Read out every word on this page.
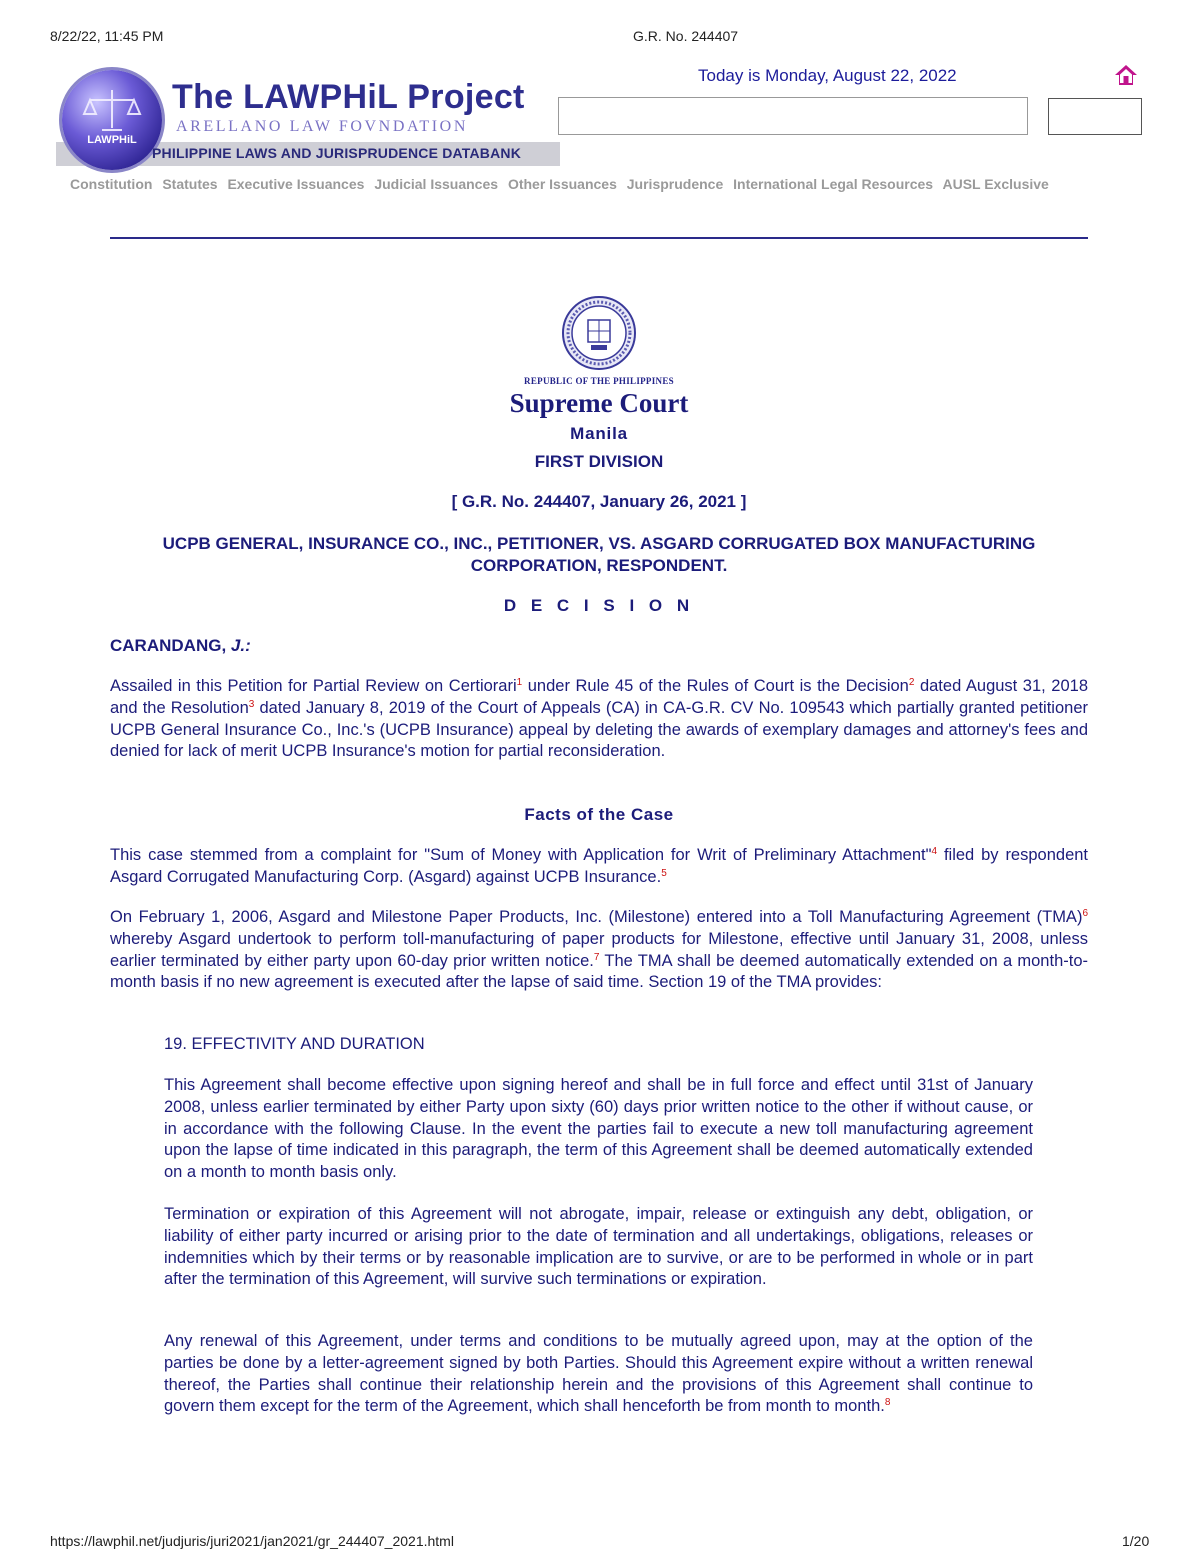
8/22/22, 11:45 PM	G.R. No. 244407
LAWPHiL
The LAWPHiL Project
ARELLANO LAW FOVNDATION
PHILIPPINE LAWS AND JURISPRUDENCE DATABANK
Today is Monday, August 22, 2022
Constitution Statutes Executive Issuances Judicial Issuances Other Issuances Jurisprudence International Legal Resources AUSL Exclusive
REPUBLIC OF THE PHILIPPINES
Supreme Court
Manila
FIRST DIVISION
[ G.R. No. 244407, January 26, 2021 ]
UCPB GENERAL, INSURANCE CO., INC., PETITIONER, VS. ASGARD CORRUGATED BOX MANUFACTURING
CORPORATION, RESPONDENT.
D E C I S I O N
CARANDANG, J.:
Assailed in this Petition for Partial Review on Certiorari$^1$ under Rule 45 of the Rules of Court is the Decision$^2$ dated August 31, 2018 and the Resolution$^3$ dated January 8, 2019 of the Court of Appeals (CA) in CA-G.R. CV No. 109543 which partially granted petitioner UCPB General Insurance Co., Inc.'s (UCPB Insurance) appeal by deleting the awards of exemplary damages and attorney's fees and denied for lack of merit UCPB Insurance's motion for partial reconsideration.
Facts of the Case
This case stemmed from a complaint for "Sum of Money with Application for Writ of Preliminary Attachment"$^4$ filed by respondent Asgard Corrugated Manufacturing Corp. (Asgard) against UCPB Insurance.$^5$
On February 1, 2006, Asgard and Milestone Paper Products, Inc. (Milestone) entered into a Toll Manufacturing Agreement (TMA)$^6$ whereby Asgard undertook to perform toll-manufacturing of paper products for Milestone, effective until January 31, 2008, unless earlier terminated by either party upon 60-day prior written notice.$^7$ The TMA shall be deemed automatically extended on a month-to-month basis if no new agreement is executed after the lapse of said time. Section 19 of the TMA provides:
19. EFFECTIVITY AND DURATION
This Agreement shall become effective upon signing hereof and shall be in full force and effect until 31st of January 2008, unless earlier terminated by either Party upon sixty (60) days prior written notice to the other if without cause, or in accordance with the following Clause. In the event the parties fail to execute a new toll manufacturing agreement upon the lapse of time indicated in this paragraph, the term of this Agreement shall be deemed automatically extended on a month to month basis only.
Termination or expiration of this Agreement will not abrogate, impair, release or extinguish any debt, obligation, or liability of either party incurred or arising prior to the date of termination and all undertakings, obligations, releases or indemnities which by their terms or by reasonable implication are to survive, or are to be performed in whole or in part after the termination of this Agreement, will survive such terminations or expiration.
Any renewal of this Agreement, under terms and conditions to be mutually agreed upon, may at the option of the parties be done by a letter-agreement signed by both Parties. Should this Agreement expire without a written renewal thereof, the Parties shall continue their relationship herein and the provisions of this Agreement shall continue to govern them except for the term of the Agreement, which shall henceforth be from month to month.$^8$
https://lawphil.net/judjuris/juri2021/jan2021/gr_244407_2021.html	1/20
